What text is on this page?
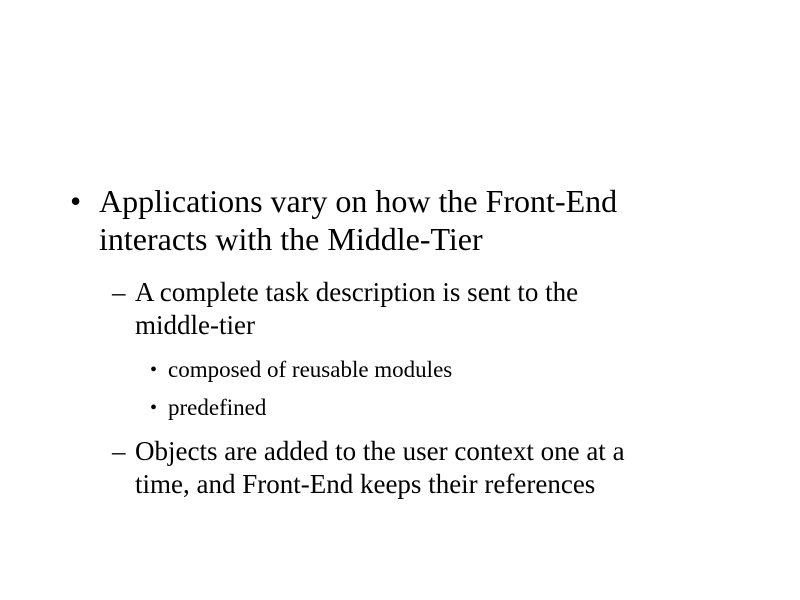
• Applications vary on how the Front-End
interacts with the Middle-Tier
– A complete task description is sent to the
middle-tier
• composed of reusable modules
• predefined
– Objects are added to the user context one at a
time, and Front-End keeps their references
